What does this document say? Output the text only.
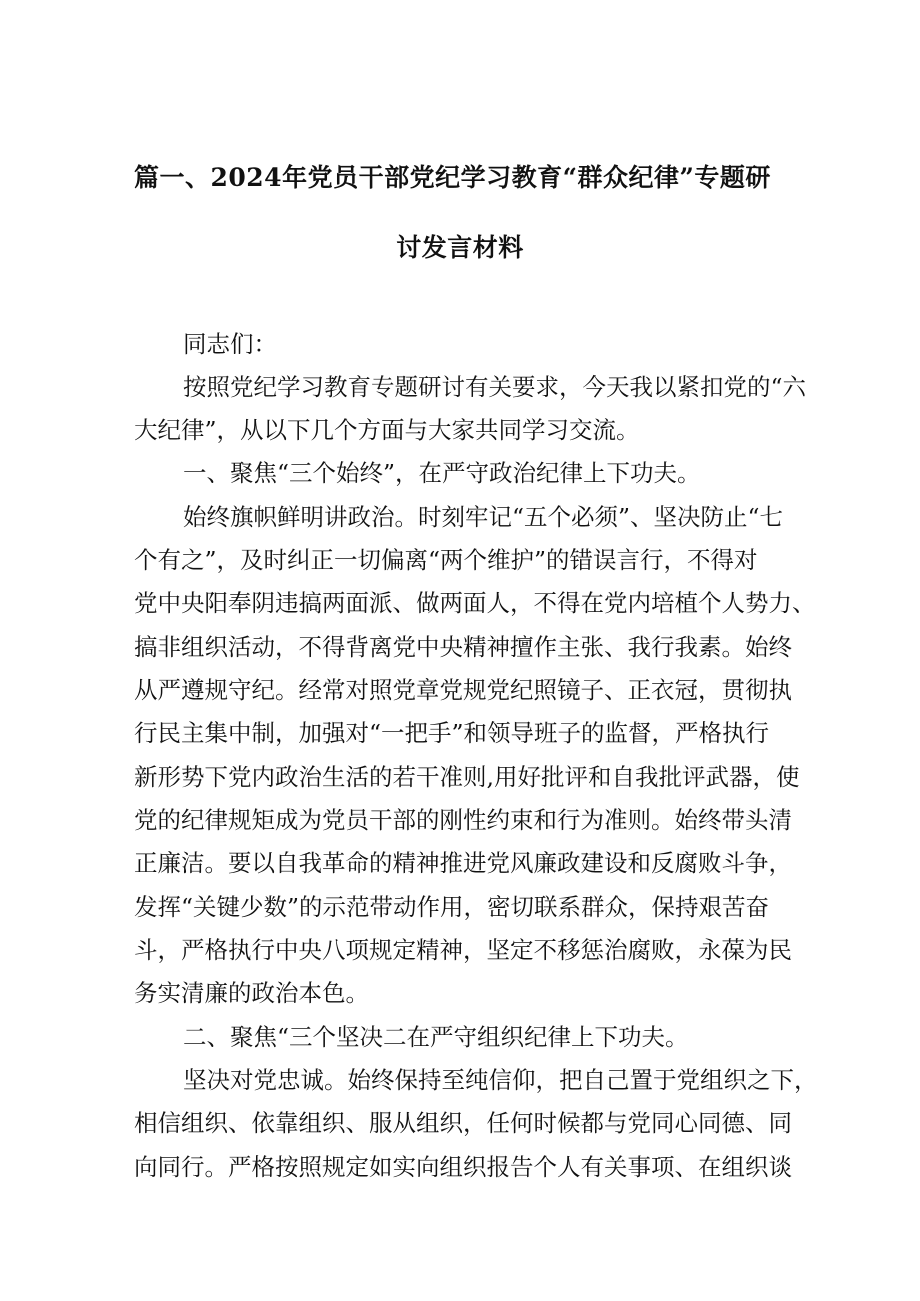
篇一、2024年党员干部党纪学习教育“群众纪律”专题研
讨发言材料
同志们：
按照党纪学习教育专题研讨有关要求，今天我以紧扣党的“六
大纪律”，从以下几个方面与大家共同学习交流。
一、聚焦“三个始终”，在严守政治纪律上下功夫。
始终旗帜鲜明讲政治。时刻牢记“五个必须”、坚决防止“七
个有之”，及时纠正一切偏离“两个维护”的错误言行，不得对
党中央阳奉阴违搞两面派、做两面人，不得在党内培植个人势力、
搞非组织活动，不得背离党中央精神擅作主张、我行我素。始终
从严遵规守纪。经常对照党章党规党纪照镜子、正衣冠，贯彻执
行民主集中制，加强对“一把手”和领导班子的监督，严格执行
新形势下党内政治生活的若干准则,用好批评和自我批评武器，使
党的纪律规矩成为党员干部的刚性约束和行为准则。始终带头清
正廉洁。要以自我革命的精神推进党风廉政建设和反腐败斗争，
发挥“关键少数”的示范带动作用，密切联系群众，保持艰苦奋
斗，严格执行中央八项规定精神，坚定不移惩治腐败，永葆为民
务实清廉的政治本色。
二、聚焦“三个坚决二在严守组织纪律上下功夫。
坚决对党忠诚。始终保持至纯信仰，把自己置于党组织之下，
相信组织、依靠组织、服从组织，任何时候都与党同心同德、同
向同行。严格按照规定如实向组织报告个人有关事项、在组织谈
